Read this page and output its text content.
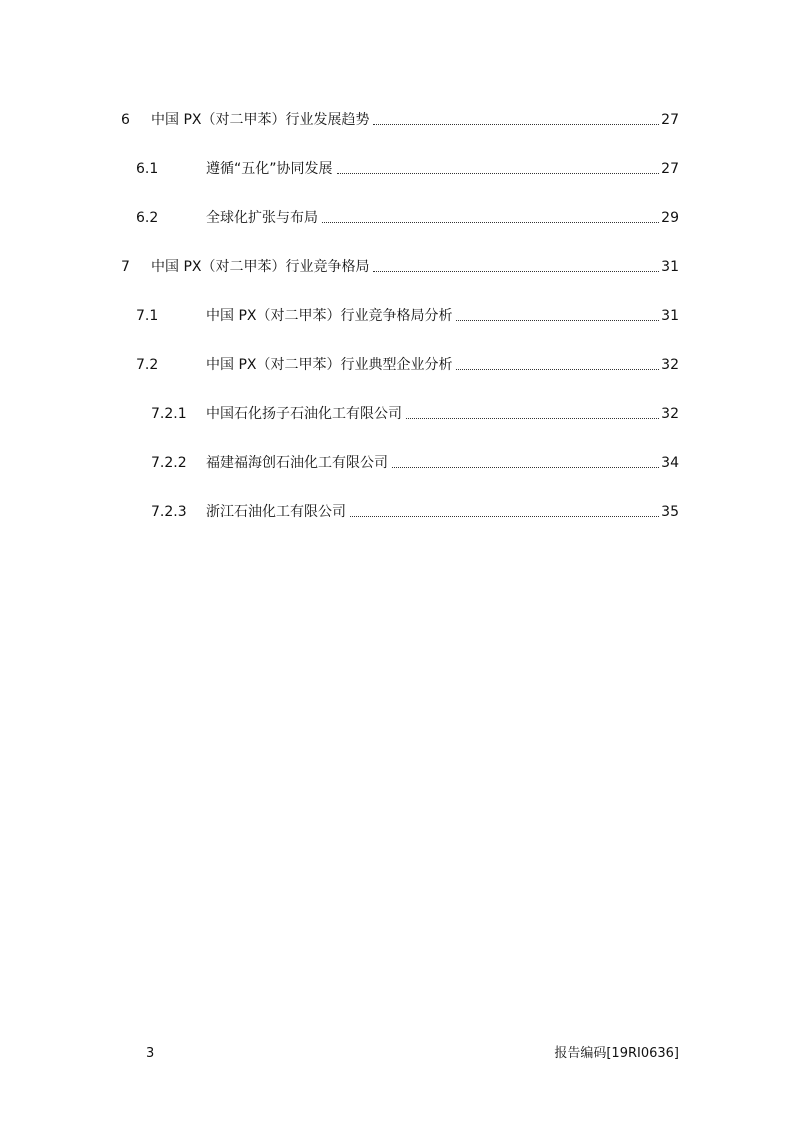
6 中国 PX（对二甲苯）行业发展趋势	27
6.1	遵循“五化”协同发展	27
6.2	全球化扩张与布局	29
7 中国 PX（对二甲苯）行业竞争格局	31
7.1	中国 PX（对二甲苯）行业竞争格局分析	31
7.2	中国 PX（对二甲苯）行业典型企业分析	32
7.2.1 中国石化扬子石油化工有限公司	32
7.2.2 福建福海创石油化工有限公司	34
7.2.3 浙江石油化工有限公司	35
3	报告编码[19RI0636]
